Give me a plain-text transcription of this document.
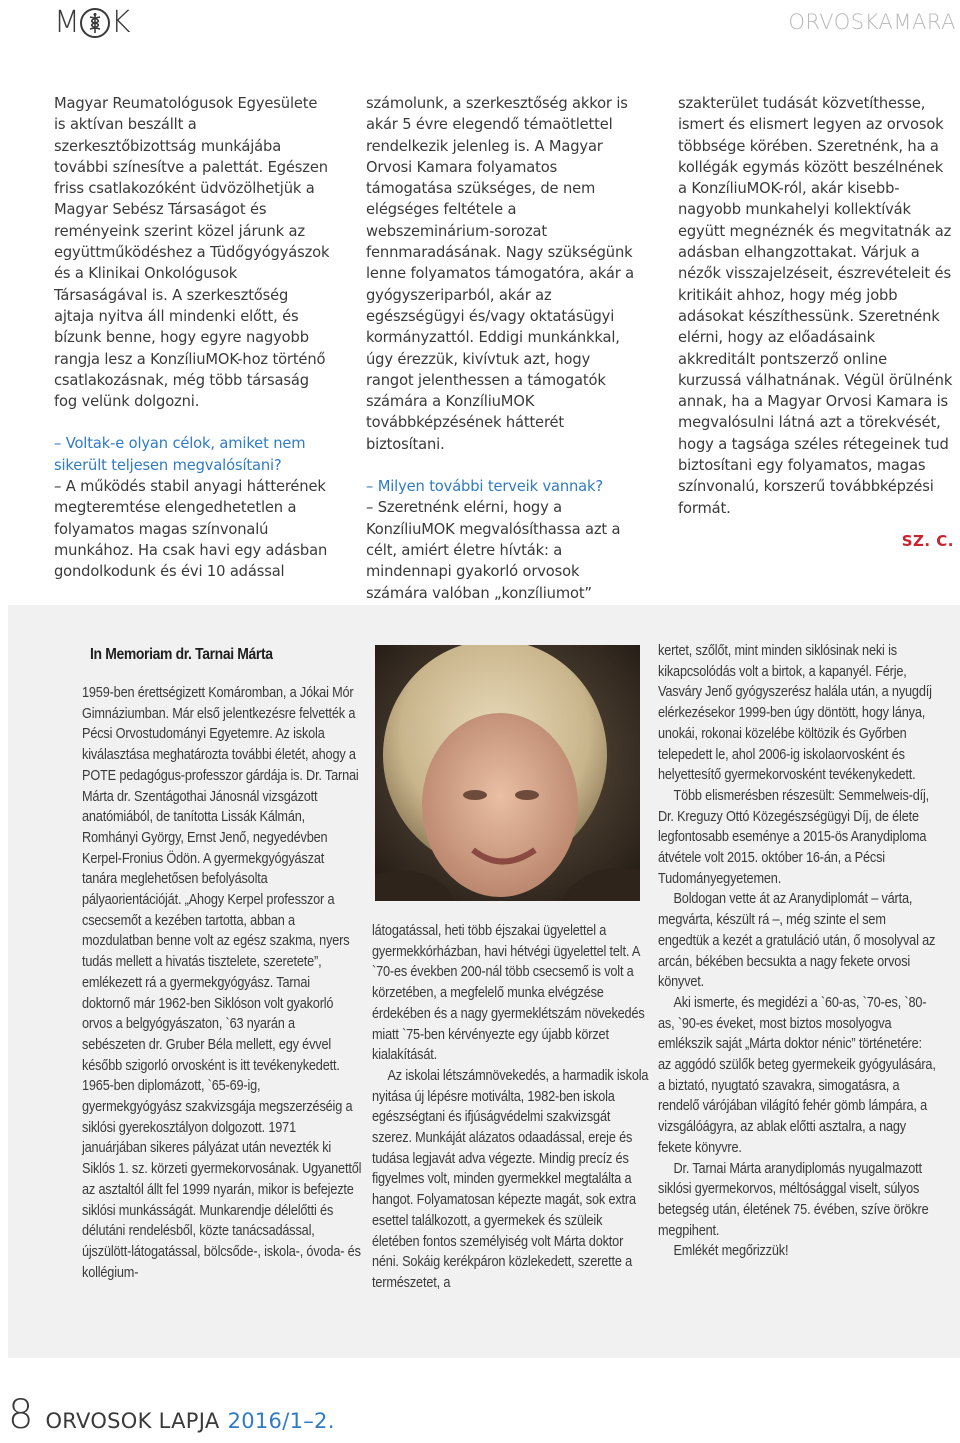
M K	ORVOSKAMARA

Magyar Reumatológusok Egyesülete is aktívan beszállt a szerkesztőbizottság munkájába további színesítve a palettát. Egészen friss csatlakozóként üdvözölhetjük a Magyar Sebész Társaságot és reményeink szerint közel járunk az együttműködéshez a Tüdőgyógyászok és a Klinikai Onkológusok Társaságával is. A szerkesztőség ajtaja nyitva áll mindenki előtt, és bízunk benne, hogy egyre nagyobb rangja lesz a KonzíliuMOK-hoz történő csatlakozásnak, még több társaság fog velünk dolgozni.

– Voltak-e olyan célok, amiket nem sikerült teljesen megvalósítani?

– A működés stabil anyagi hátterének megteremtése elengedhetetlen a folyamatos magas színvonalú munkához. Ha csak havi egy adásban gondolkodunk és évi 10 adással

számolunk, a szerkesztőség akkor is akár 5 évre elegendő témaötlettel rendelkezik jelenleg is. A Magyar Orvosi Kamara folyamatos támogatása szükséges, de nem elégséges feltétele a webszeminárium-sorozat fennmaradásának. Nagy szükségünk lenne folyamatos támogatóra, akár a gyógyszeriparból, akár az egészségügyi és/vagy oktatásügyi kormányzattól. Eddigi munkánkkal, úgy érezzük, kivívtuk azt, hogy rangot jelenthessen a támogatók számára a KonzíliuMOK továbbképzésének hátterét biztosítani.

– Milyen további terveik vannak?

– Szeretnénk elérni, hogy a KonzíliuMOK megvalósíthassa azt a célt, amiért életre hívták: a mindennapi gyakorló orvosok számára valóban „konzíliumot”

szakterület tudását közvetíthesse, ismert és elismert legyen az orvosok többsége körében. Szeretnénk, ha a kollégák egymás között beszélnének a KonzíliuMOK-ról, akár kisebb-nagyobb munkahelyi kollektívák együtt megnéznék és megvitatnák az adásban elhangzottakat. Várjuk a nézők visszajelzéseit, észrevételeit és kritikáit ahhoz, hogy még jobb adásokat készíthessünk. Szeretnénk elérni, hogy az előadásaink akkreditált pontszerző online kurzussá válhatnának. Végül örülnénk annak, ha a Magyar Orvosi Kamara is megvalósulni látná azt a törekvését, hogy a tagsága széles rétegeinek tud biztosítani egy folyamatos, magas színvonalú, korszerű továbbképzési formát.

SZ. C.

In Memoriam dr. Tarnai Márta

1959-ben érettségizett Komáromban, a Jókai Mór Gimnáziumban. Már első jelentkezésre felvették a Pécsi Orvostudományi Egyetemre. Az iskola kiválasztása meghatározta további életét, ahogy a POTE pedagógus-professzor gárdája is. Dr. Tarnai Márta dr. Szentágothai Jánosnál vizsgázott anatómiából, de tanította Lissák Kálmán, Romhányi György, Ernst Jenő, negyedévben Kerpel-Fronius Ödön. A gyermekgyógyászat tanára meglehetősen befolyásolta pályaorientációját. „Ahogy Kerpel professzor a csecsemőt a kezében tartotta, abban a mozdulatban benne volt az egész szakma, nyers tudás mellett a hivatás tisztelete, szeretete”, emlékezett rá a gyermekgyógyász. Tarnai doktornő már 1962-ben Siklóson volt gyakorló orvos a belgyógyászaton, `63 nyarán a sebészeten dr. Gruber Béla mellett, egy évvel később szigorló orvosként is itt tevékenykedett. 1965-ben diplomázott, `65-69-ig, gyermekgyógyász szakvizsgája megszerzéséig a siklósi gyerekosztályon dolgozott. 1971 januárjában sikeres pályázat után nevezték ki Siklós 1. sz. körzeti gyermekorvosának. Ugyanettől az asztaltól állt fel 1999 nyarán, mikor is befejezte siklósi munkásságát. Munkarendje délelőtti és délutáni rendelésből, közte tanácsadással, újszülött-látogatással, bölcsőde-, iskola-, óvoda- és kollégium-

látogatással, heti több éjszakai ügyelettel a gyermekkórházban, havi hétvégi ügyelettel telt. A `70-es években 200-nál több csecsemő is volt a körzetében, a megfelelő munka elvégzése érdekében és a nagy gyermeklétszám növekedés miatt `75-ben kérvényezte egy újabb körzet kialakítását.

Az iskolai létszámnövekedés, a harmadik iskola nyitása új lépésre motiválta, 1982-ben iskola egészségtani és ifjúságvédelmi szakvizsgát szerez. Munkáját alázatos odaadással, ereje és tudása legjavát adva végezte. Mindig precíz és figyelmes volt, minden gyermekkel megtalálta a hangot. Folyamatosan képezte magát, sok extra esettel találkozott, a gyermekek és szüleik életében fontos személyiség volt Márta doktor néni. Sokáig kerékpáron közlekedett, szerette a természetet, a

kertet, szőlőt, mint minden siklósinak neki is kikapcsolódás volt a birtok, a kapanyél. Férje, Vasváry Jenő gyógyszerész halála után, a nyugdíj elérkezésekor 1999-ben úgy döntött, hogy lánya, unokái, rokonai közelébe költözik és Győrben telepedett le, ahol 2006-ig iskolaorvosként és helyettesítő gyermekorvosként tevékenykedett.

Több elismerésben részesült: Semmelweis-díj, Dr. Kreguzy Ottó Közegészségügyi Díj, de élete legfontosabb eseménye a 2015-ös Aranydiploma átvétele volt 2015. október 16-án, a Pécsi Tudományegyetemen.

Boldogan vette át az Aranydiplomát – vártа, megvárta, készült rá –, még szinte el sem engedtük a kezét a gratuláció után, ő mosolyval az arcán, békében becsukta a nagy fekete orvosi könyvet.

Aki ismerte, és megidézi a `60-as, `70-es, `80-as, `90-es éveket, most biztos mosolyogva emlékszik saját „Márta doktor néniс” történetére: az aggódó szülők beteg gyermekeik gyógyulására, a biztató, nyugtató szavakra, simogatásra, a rendelő várójában világító fehér gömb lámpára, a vizsgálóágyra, az ablak előtti asztalra, a nagy fekete könyvre.

Dr. Tarnai Márta aranydiplomás nyugalmazott siklósi gyermekorvos, méltósággal viselt, súlyos betegség után, életének 75. évében, szíve örökre megpihent.

Emlékét megőrizzük!

8 ORVOSOK LAPJA 2016/1–2.
